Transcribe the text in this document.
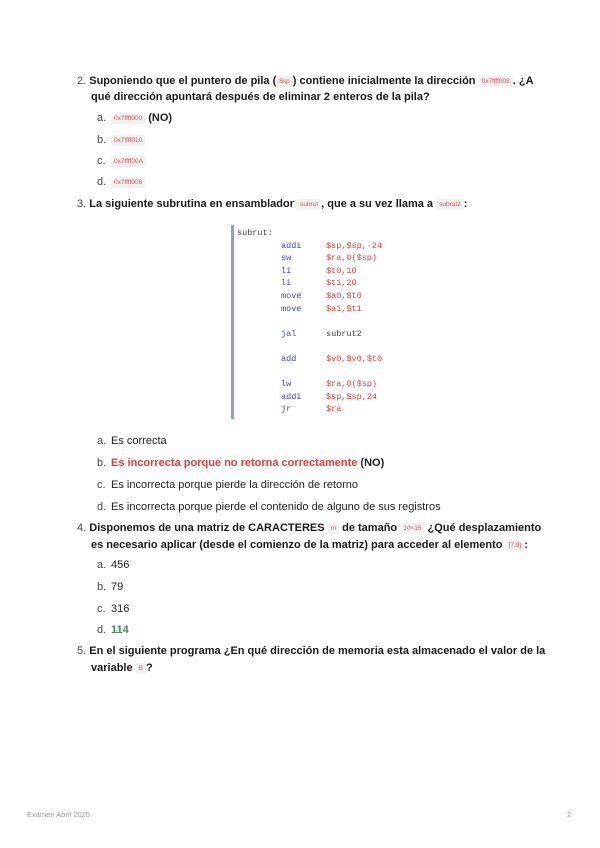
2. Suponiendo que el puntero de pila ( $sp ) contiene inicialmente la dirección 0x7ffff008 . ¿A
qué dirección apuntará después de eliminar 2 enteros de la pila?
a. 0x7ffff000 (NO)
b. 0x7ffff010
c. 0x7ffff00A
d. 0x7ffff006
3. La siguiente subrutina en ensamblador subrut , que a su vez llama a subrut2 :
subrut:
addi	$sp,$sp,-24
sw	$ra,0($sp)
li	$t0,10
li	$t1,20
move	$a0,$t0
move	$a1,$t1
jal	subrut2
add	$v0,$v0,$t0
lw	$ra,0($sp)
addi	$sp,$sp,24
jr	$ra
a. Es correcta
b. Es incorrecta porque no retorna correctamente (NO)
c. Es incorrecta porque pierde la dirección de retorno
d. Es incorrecta porque pierde el contenido de alguno de sus registros
4. Disponemos de una matriz de CARACTERES m de tamaño 10×15 ¿Qué desplazamiento
es necesario aplicar (desde el comienzo de la matriz) para acceder al elemento [7,9] :
a. 456
b. 79
c. 316
d. 114
5. En el siguiente programa ¿En qué dirección de memoria esta almacenado el valor de la
variable B ?
Examen Abril 2025	2
